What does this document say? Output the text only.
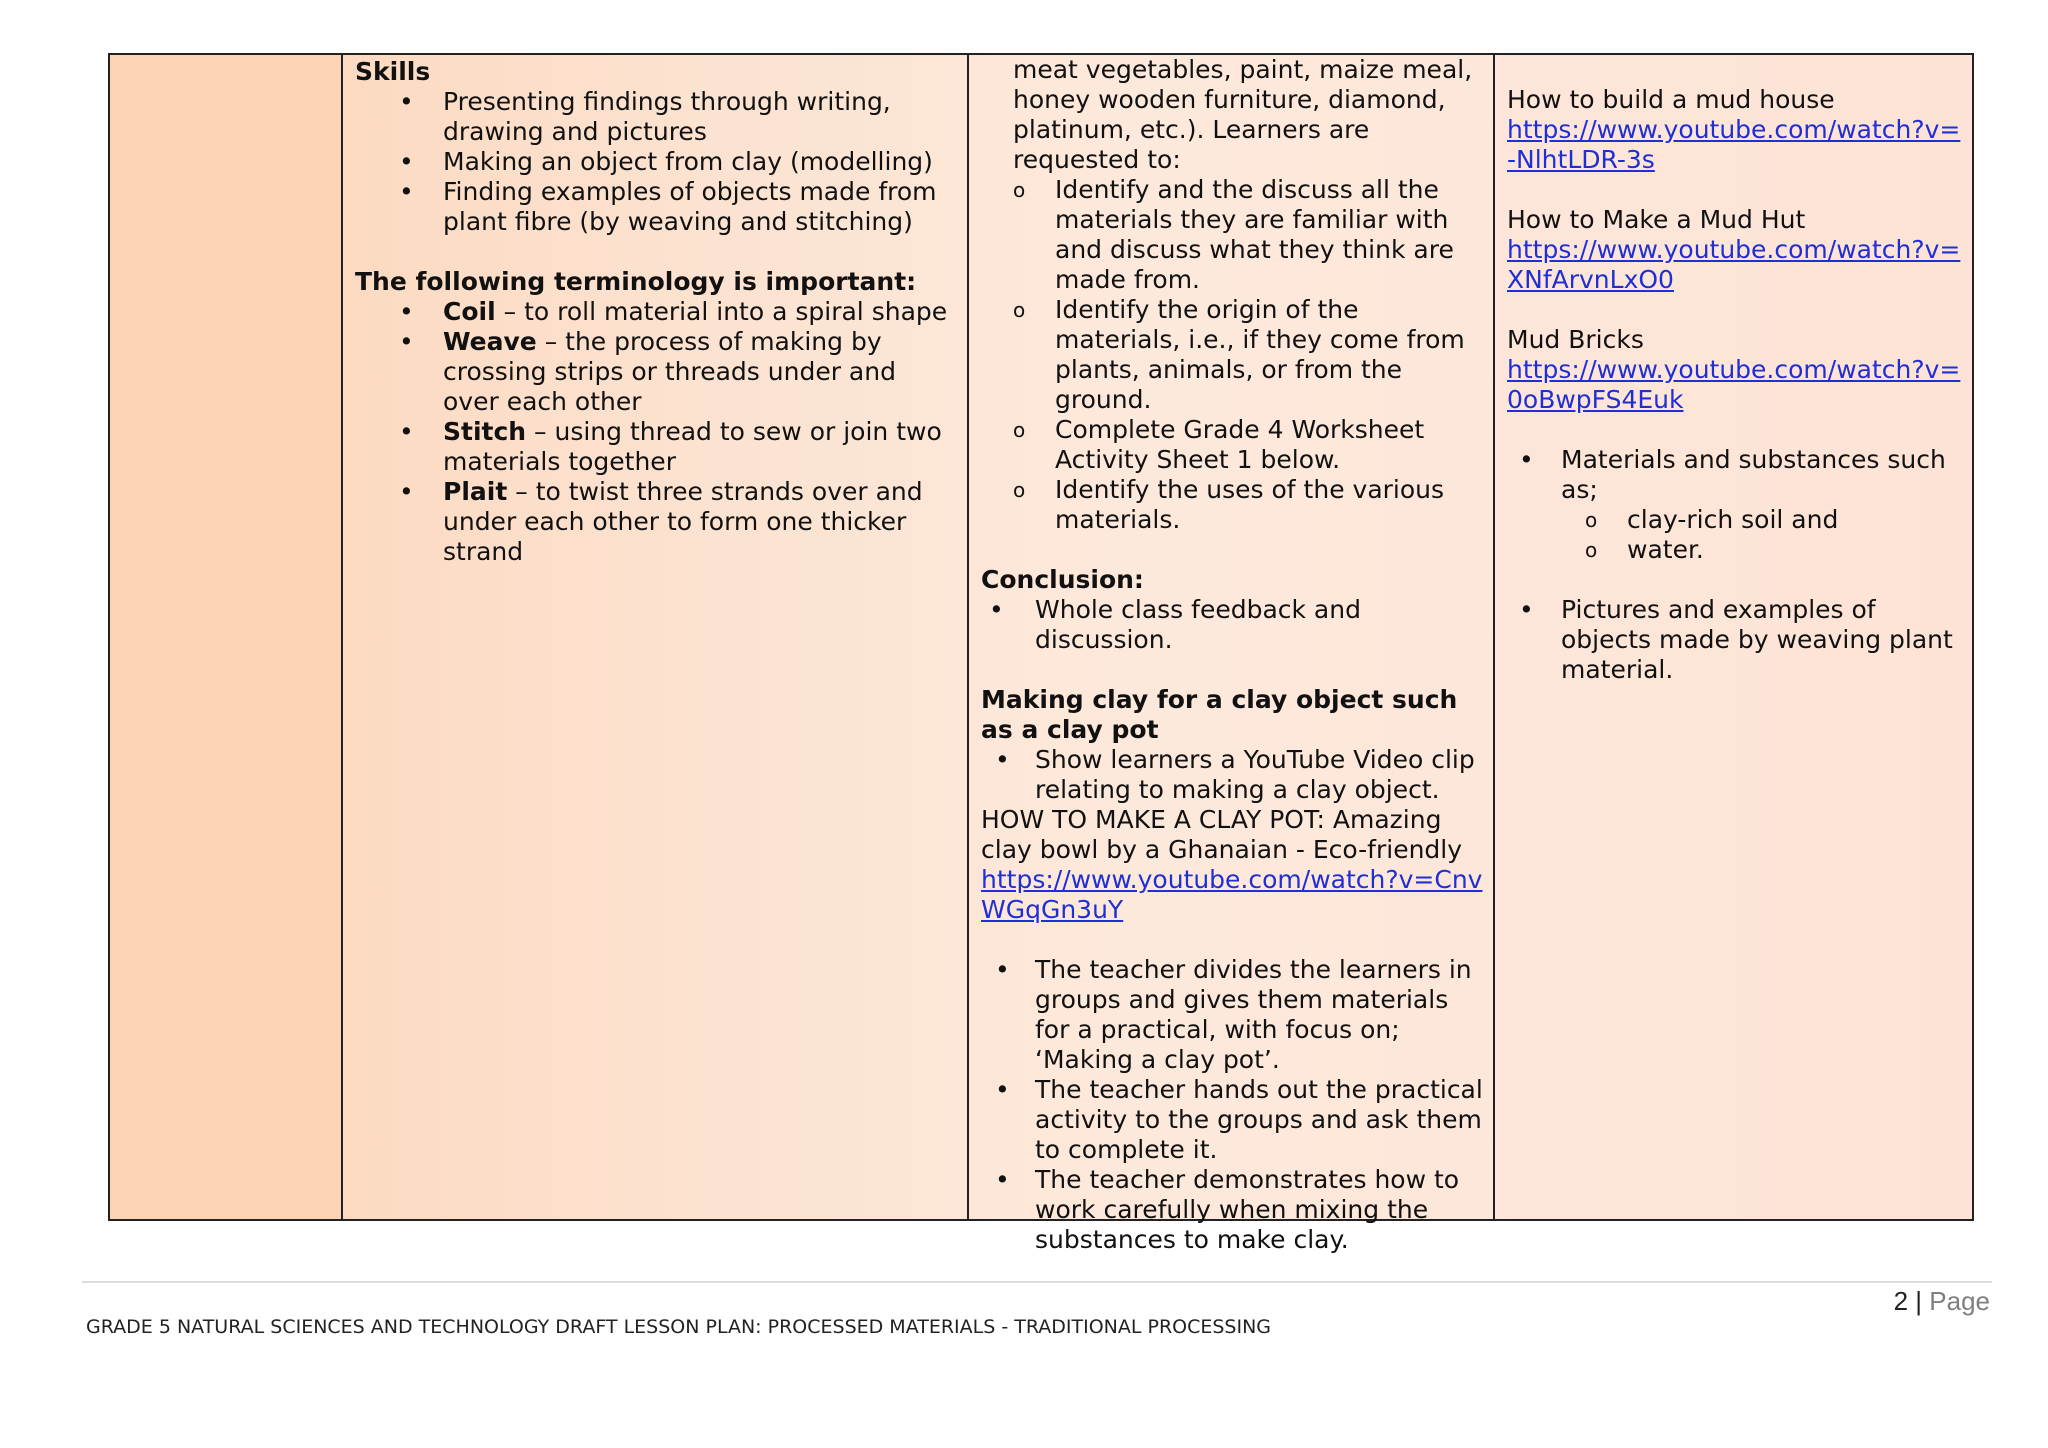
Skills
• Presenting findings through writing, drawing and pictures
• Making an object from clay (modelling)
• Finding examples of objects made from plant fibre (by weaving and stitching)
The following terminology is important:
• Coil – to roll material into a spiral shape
• Weave – the process of making by crossing strips or threads under and over each other
• Stitch – using thread to sew or join two materials together
• Plait – to twist three strands over and under each other to form one thicker strand
meat vegetables, paint, maize meal, honey wooden furniture, diamond, platinum, etc.). Learners are requested to:
o Identify and the discuss all the materials they are familiar with and discuss what they think are made from.
o Identify the origin of the materials, i.e., if they come from plants, animals, or from the ground.
o Complete Grade 4 Worksheet Activity Sheet 1 below.
o Identify the uses of the various materials.
Conclusion:
• Whole class feedback and discussion.
Making clay for a clay object such as a clay pot
• Show learners a YouTube Video clip relating to making a clay object.
HOW TO MAKE A CLAY POT: Amazing clay bowl by a Ghanaian - Eco-friendly
https://www.youtube.com/watch?v=CnvWGqGn3uY
• The teacher divides the learners in groups and gives them materials for a practical, with focus on; ‘Making a clay pot’.
• The teacher hands out the practical activity to the groups and ask them to complete it.
• The teacher demonstrates how to work carefully when mixing the substances to make clay.
How to build a mud house
https://www.youtube.com/watch?v=-NlhtLDR-3s
How to Make a Mud Hut
https://www.youtube.com/watch?v=XNfArvnLxO0
Mud Bricks
https://www.youtube.com/watch?v=0oBwpFS4Euk
• Materials and substances such as;
o clay-rich soil and
o water.
• Pictures and examples of objects made by weaving plant material.
2 | Page
GRADE 5 NATURAL SCIENCES AND TECHNOLOGY DRAFT LESSON PLAN: PROCESSED MATERIALS - TRADITIONAL PROCESSING
